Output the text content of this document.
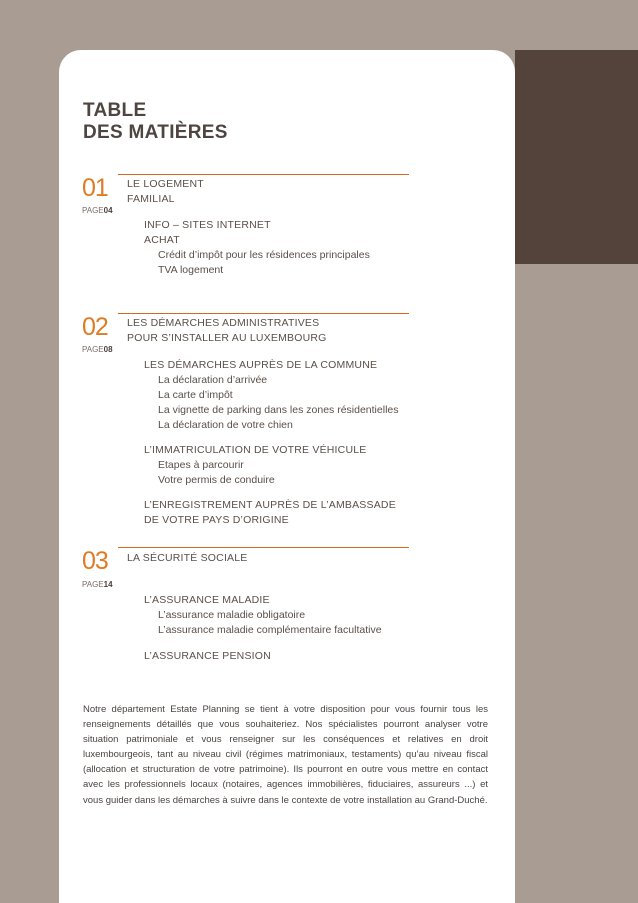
TABLE
DES MATIÈRES
01
PAGE04
LE LOGEMENT
FAMILIAL
INFO – SITES INTERNET
ACHAT
Crédit d’impôt pour les résidences principales
TVA logement
02
PAGE08
LES DÉMARCHES ADMINISTRATIVES
POUR S’INSTALLER AU LUXEMBOURG
LES DÉMARCHES AUPRÈS DE LA COMMUNE
La déclaration d’arrivée
La carte d’impôt
La vignette de parking dans les zones résidentielles
La déclaration de votre chien
L’IMMATRICULATION DE VOTRE VÉHICULE
Etapes à parcourir
Votre permis de conduire
L’ENREGISTREMENT AUPRÈS DE L’AMBASSADE
DE VOTRE PAYS D’ORIGINE
03
PAGE14
LA SÉCURITÉ SOCIALE
L’ASSURANCE MALADIE
L’assurance maladie obligatoire
L’assurance maladie complémentaire facultative
L’ASSURANCE PENSION

Notre département Estate Planning se tient à votre disposition pour vous fournir tous les renseignements détaillés que vous souhaiteriez. Nos spécialistes pourront analyser votre situation patrimoniale et vous renseigner sur les conséquences et relatives en droit luxembourgeois, tant au niveau civil (régimes matrimoniaux, testaments) qu’au niveau fiscal (allocation et structuration de votre patrimoine). Ils pourront en outre vous mettre en contact avec les professionnels locaux (notaires, agences immobilières, fiduciaires, assureurs ...) et vous guider dans les démarches à suivre dans le contexte de votre installation au Grand-Duché.
